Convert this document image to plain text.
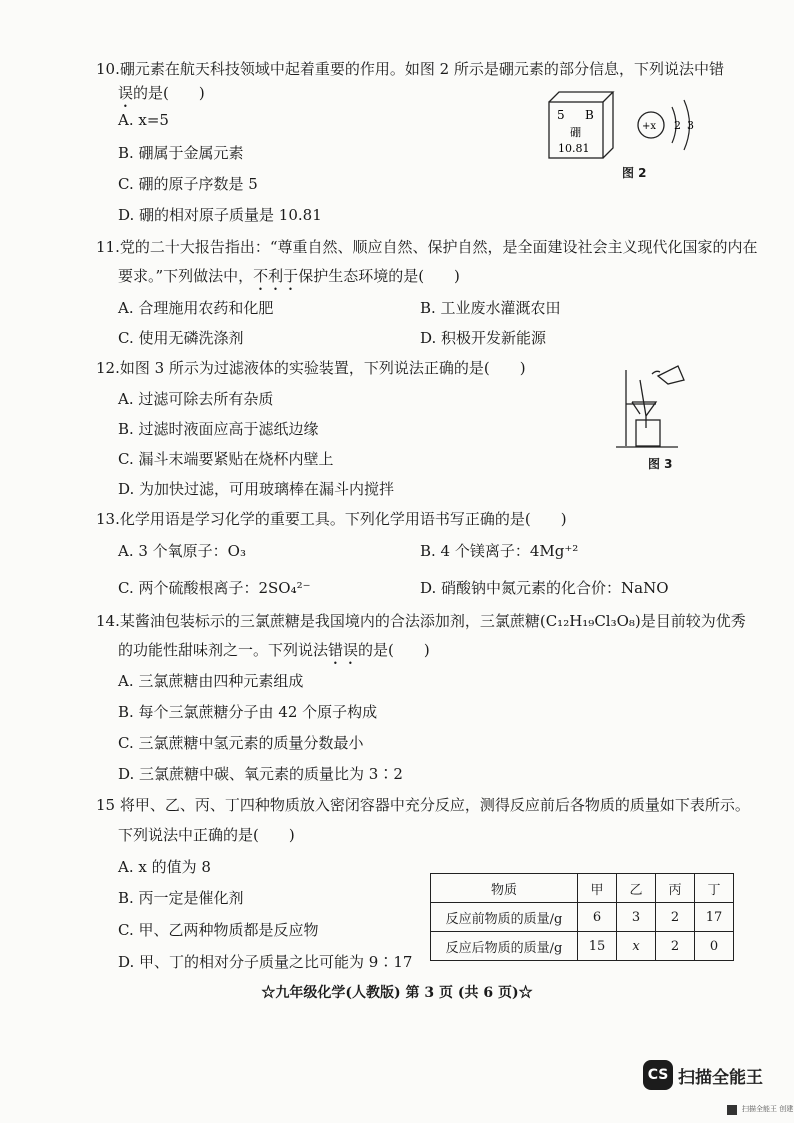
10.硼元素在航天科技领域中起着重要的作用。如图 2 所示是硼元素的部分信息，下列说法中错
误的是(　　)
A. x=5
B. 硼属于金属元素
C. 硼的原子序数是 5
D. 硼的相对原子质量是 10.81
5 B
硼
10.81
+x 2 3
图 2
11.党的二十大报告指出：“尊重自然、顺应自然、保护自然，是全面建设社会主义现代化国家的内在
要求。”下列做法中，不利于保护生态环境的是(　　)
A. 合理施用农药和化肥	B. 工业废水灌溉农田
C. 使用无磷洗涤剂	D. 积极开发新能源
12.如图 3 所示为过滤液体的实验装置，下列说法正确的是(　　)
A. 过滤可除去所有杂质
B. 过滤时液面应高于滤纸边缘
C. 漏斗末端要紧贴在烧杯内壁上
D. 为加快过滤，可用玻璃棒在漏斗内搅拌
图 3
13.化学用语是学习化学的重要工具。下列化学用语书写正确的是(　　)
A. 3 个氧原子：O₃	B. 4 个镁离子：4Mg⁺²
C. 两个硫酸根离子：2SO₄²⁻	D. 硝酸钠中氮元素的化合价：NaNO
14.某酱油包装标示的三氯蔗糖是我国境内的合法添加剂，三氯蔗糖(C₁₂H₁₉Cl₃O₈)是目前较为优秀
的功能性甜味剂之一。下列说法错误的是(　　)
A. 三氯蔗糖由四种元素组成
B. 每个三氯蔗糖分子由 42 个原子构成
C. 三氯蔗糖中氢元素的质量分数最小
D. 三氯蔗糖中碳、氧元素的质量比为 3∶2
15 将甲、乙、丙、丁四种物质放入密闭容器中充分反应，测得反应前后各物质的质量如下表所示。
下列说法中正确的是(　　)
A. x 的值为 8
B. 丙一定是催化剂
C. 甲、乙两种物质都是反应物
D. 甲、丁的相对分子质量之比可能为 9∶17
物质	甲	乙	丙	丁
反应前物质的质量/g	6	3	2	17
反应后物质的质量/g	15	x	2	0
☆九年级化学(人教版) 第 3 页 (共 6 页)☆
CS 扫描全能王
扫描全能王 创建
